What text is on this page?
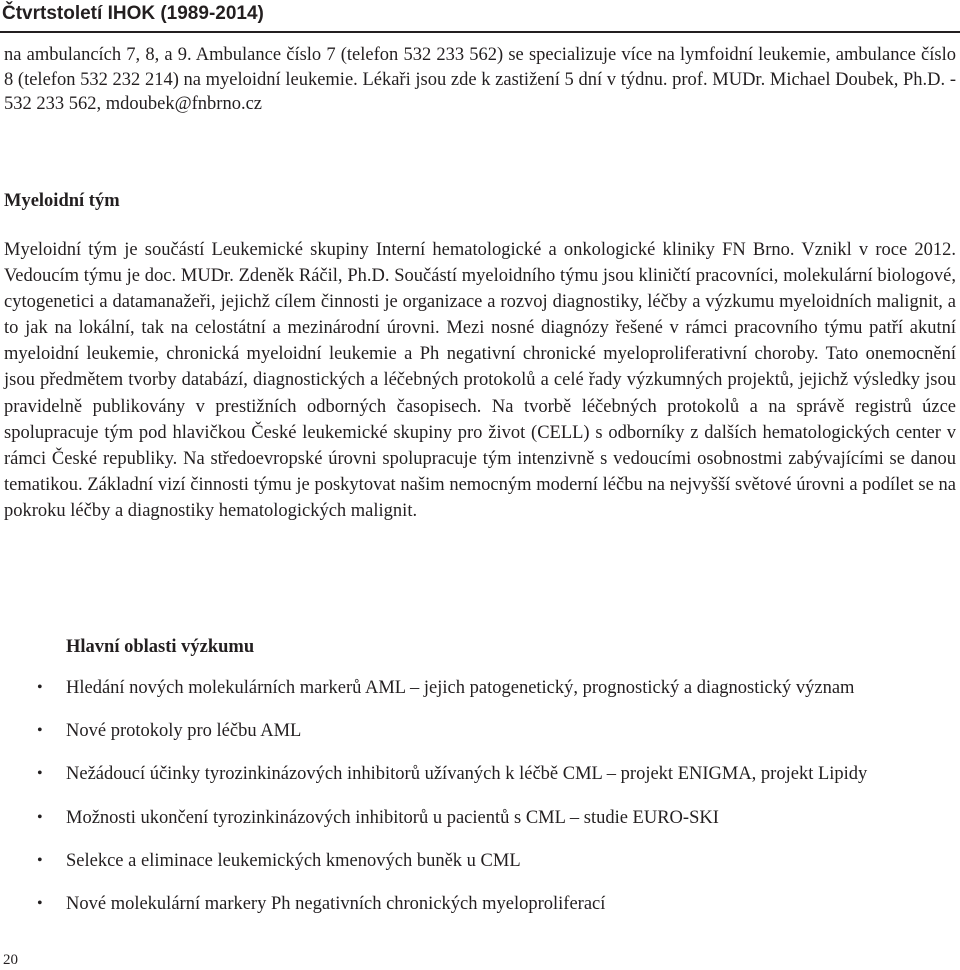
Čtvrtstoletí IHOK (1989-2014)

na ambulancích 7, 8, a 9. Ambulance číslo 7 (telefon 532 233 562) se specializuje více na lymfoidní leukemie, ambulance číslo 8 (telefon 532 232 214) na myeloidní leukemie. Lékaři jsou zde k zastižení 5 dní v týdnu. prof. MUDr. Michael Doubek, Ph.D. - 532 233 562, mdoubek@fnbrno.cz

Myeloidní tým

Myeloidní tým je součástí Leukemické skupiny Interní hematologické a onkologické kliniky FN Brno. Vznikl v roce 2012. Vedoucím týmu je doc. MUDr. Zdeněk Ráčil, Ph.D. Součástí myeloidního týmu jsou kliničtí pracovníci, molekulární biologové, cytogenetici a datamanažeři, jejichž cílem činnosti je organizace a rozvoj diagnostiky, léčby a výzkumu myeloidních malignit, a to jak na lokální, tak na celostátní a mezinárodní úrovni. Mezi nosné diagnózy řešené v rámci pracovního týmu patří akutní myeloidní leukemie, chronická myeloidní leukemie a Ph negativní chronické myeloproliferativní choroby. Tato onemocnění jsou předmětem tvorby databází, diagnostických a léčebných protokolů a celé řady výzkumných projektů, jejichž výsledky jsou pravidelně publikovány v prestižních odborných časopisech. Na tvorbě léčebných protokolů a na správě registrů úzce spolupracuje tým pod hlavičkou České leukemické skupiny pro život (CELL) s odborníky z dalších hematologických center v rámci České republiky. Na středoevropské úrovni spolupracuje tým intenzivně s vedoucími osobnostmi zabývajícími se danou tematikou. Základní vizí činnosti týmu je poskytovat našim nemocným moderní léčbu na nejvyšší světové úrovni a podílet se na pokroku léčby a diagnostiky hematologických malignit.

Hlavní oblasti výzkumu
• Hledání nových molekulárních markerů AML – jejich patogenetický, prognostický a diagnostický význam
• Nové protokoly pro léčbu AML
• Nežádoucí účinky tyrozinkinázových inhibitorů užívaných k léčbě CML – projekt ENIGMA, projekt Lipidy
• Možnosti ukončení tyrozinkinázových inhibitorů u pacientů s CML – studie EURO-SKI
• Selekce a eliminace leukemických kmenových buněk u CML
• Nové molekulární markery Ph negativních chronických myeloproliferací
20
